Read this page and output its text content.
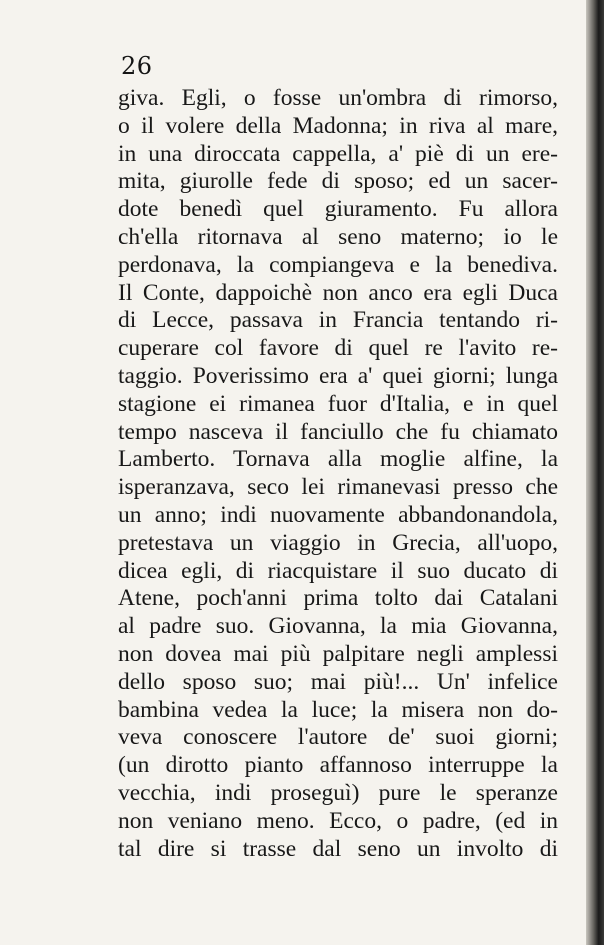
26
giva. Egli, o fosse un'ombra di rimorso,
o il volere della Madonna; in riva al mare,
in una diroccata cappella, a' piè di un ere-
mita, giurolle fede di sposo; ed un sacer-
dote benedì quel giuramento. Fu allora
ch'ella ritornava al seno materno; io le
perdonava, la compiangeva e la benediva.
Il Conte, dappoichè non anco era egli Duca
di Lecce, passava in Francia tentando ri-
cuperare col favore di quel re l'avito re-
taggio. Poverissimo era a' quei giorni; lunga
stagione ei rimanea fuor d'Italia, e in quel
tempo nasceva il fanciullo che fu chiamato
Lamberto. Tornava alla moglie alfine, la
isperanzava, seco lei rimanevasi presso che
un anno; indi nuovamente abbandonandola,
pretestava un viaggio in Grecia, all'uopo,
dicea egli, di riacquistare il suo ducato di
Atene, poch'anni prima tolto dai Catalani
al padre suo. Giovanna, la mia Giovanna,
non dovea mai più palpitare negli amplessi
dello sposo suo; mai più!... Un' infelice
bambina vedea la luce; la misera non do-
veva conoscere l'autore de' suoi giorni;
(un dirotto pianto affannoso interruppe la
vecchia, indi proseguì) pure le speranze
non veniano meno. Ecco, o padre, (ed in
tal dire si trasse dal seno un involto di
